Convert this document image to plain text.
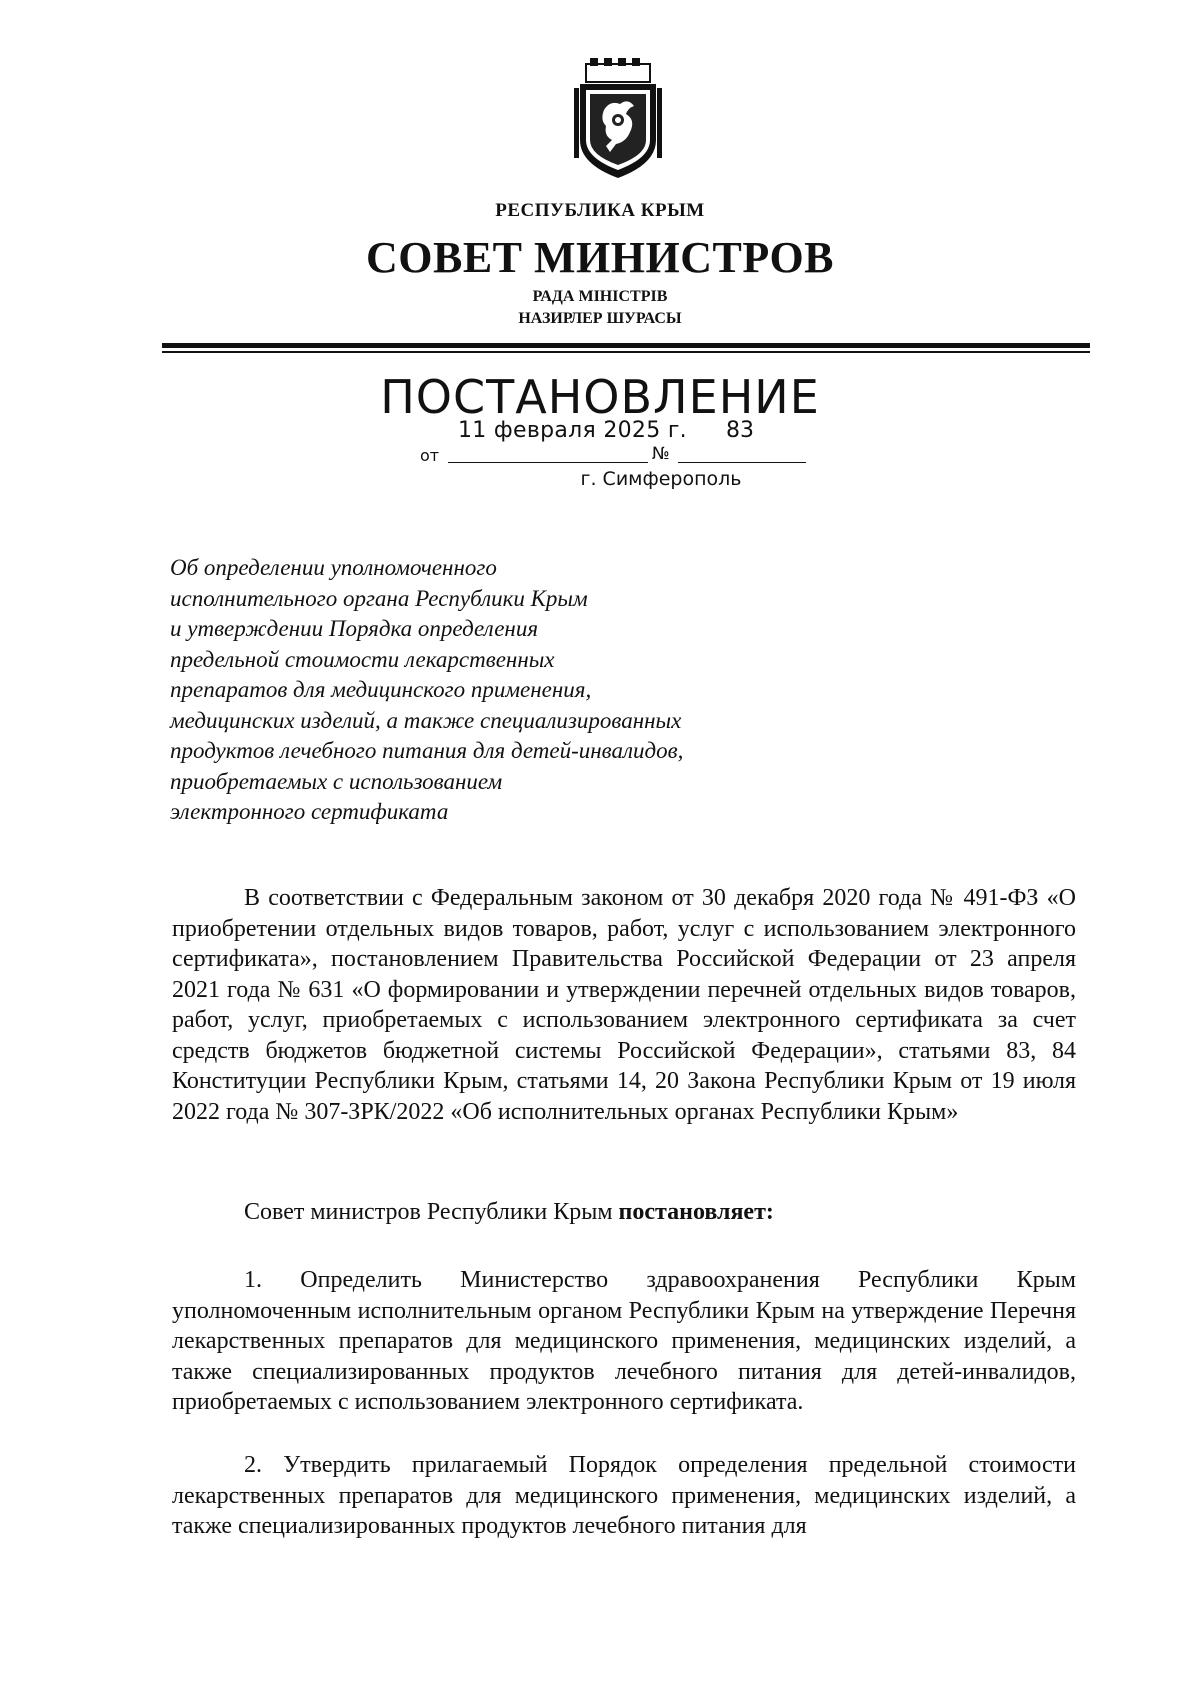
РЕСПУБЛИКА КРЫМ
СОВЕТ МИНИСТРОВ
РАДА МІНІСТРІВ
НАЗИРЛЕР ШУРАСЫ
ПОСТАНОВЛЕНИЕ
от	№
11 февраля 2025 г. 83
г. Симферополь
Об определении уполномоченного
исполнительного органа Республики Крым
и утверждении Порядка определения
предельной стоимости лекарственных
препаратов для медицинского применения,
медицинских изделий, а также специализированных
продуктов лечебного питания для детей-инвалидов,
приобретаемых с использованием
электронного сертификата
В соответствии с Федеральным законом от 30 декабря 2020 года № 491-ФЗ «О приобретении отдельных видов товаров, работ, услуг с использованием электронного сертификата», постановлением Правительства Российской Федерации от 23 апреля 2021 года № 631 «О формировании и утверждении перечней отдельных видов товаров, работ, услуг, приобретаемых с использованием электронного сертификата за счет средств бюджетов бюджетной системы Российской Федерации», статьями 83, 84 Конституции Республики Крым, статьями 14, 20 Закона Республики Крым от 19 июля 2022 года № 307-ЗРК/2022 «Об исполнительных органах Республики Крым»
Совет министров Республики Крым постановляет:
1. Определить Министерство здравоохранения Республики Крым уполномоченным исполнительным органом Республики Крым на утверждение Перечня лекарственных препаратов для медицинского применения, медицинских изделий, а также специализированных продуктов лечебного питания для детей-инвалидов, приобретаемых с использованием электронного сертификата.
2. Утвердить прилагаемый Порядок определения предельной стоимости лекарственных препаратов для медицинского применения, медицинских изделий, а также специализированных продуктов лечебного питания для
